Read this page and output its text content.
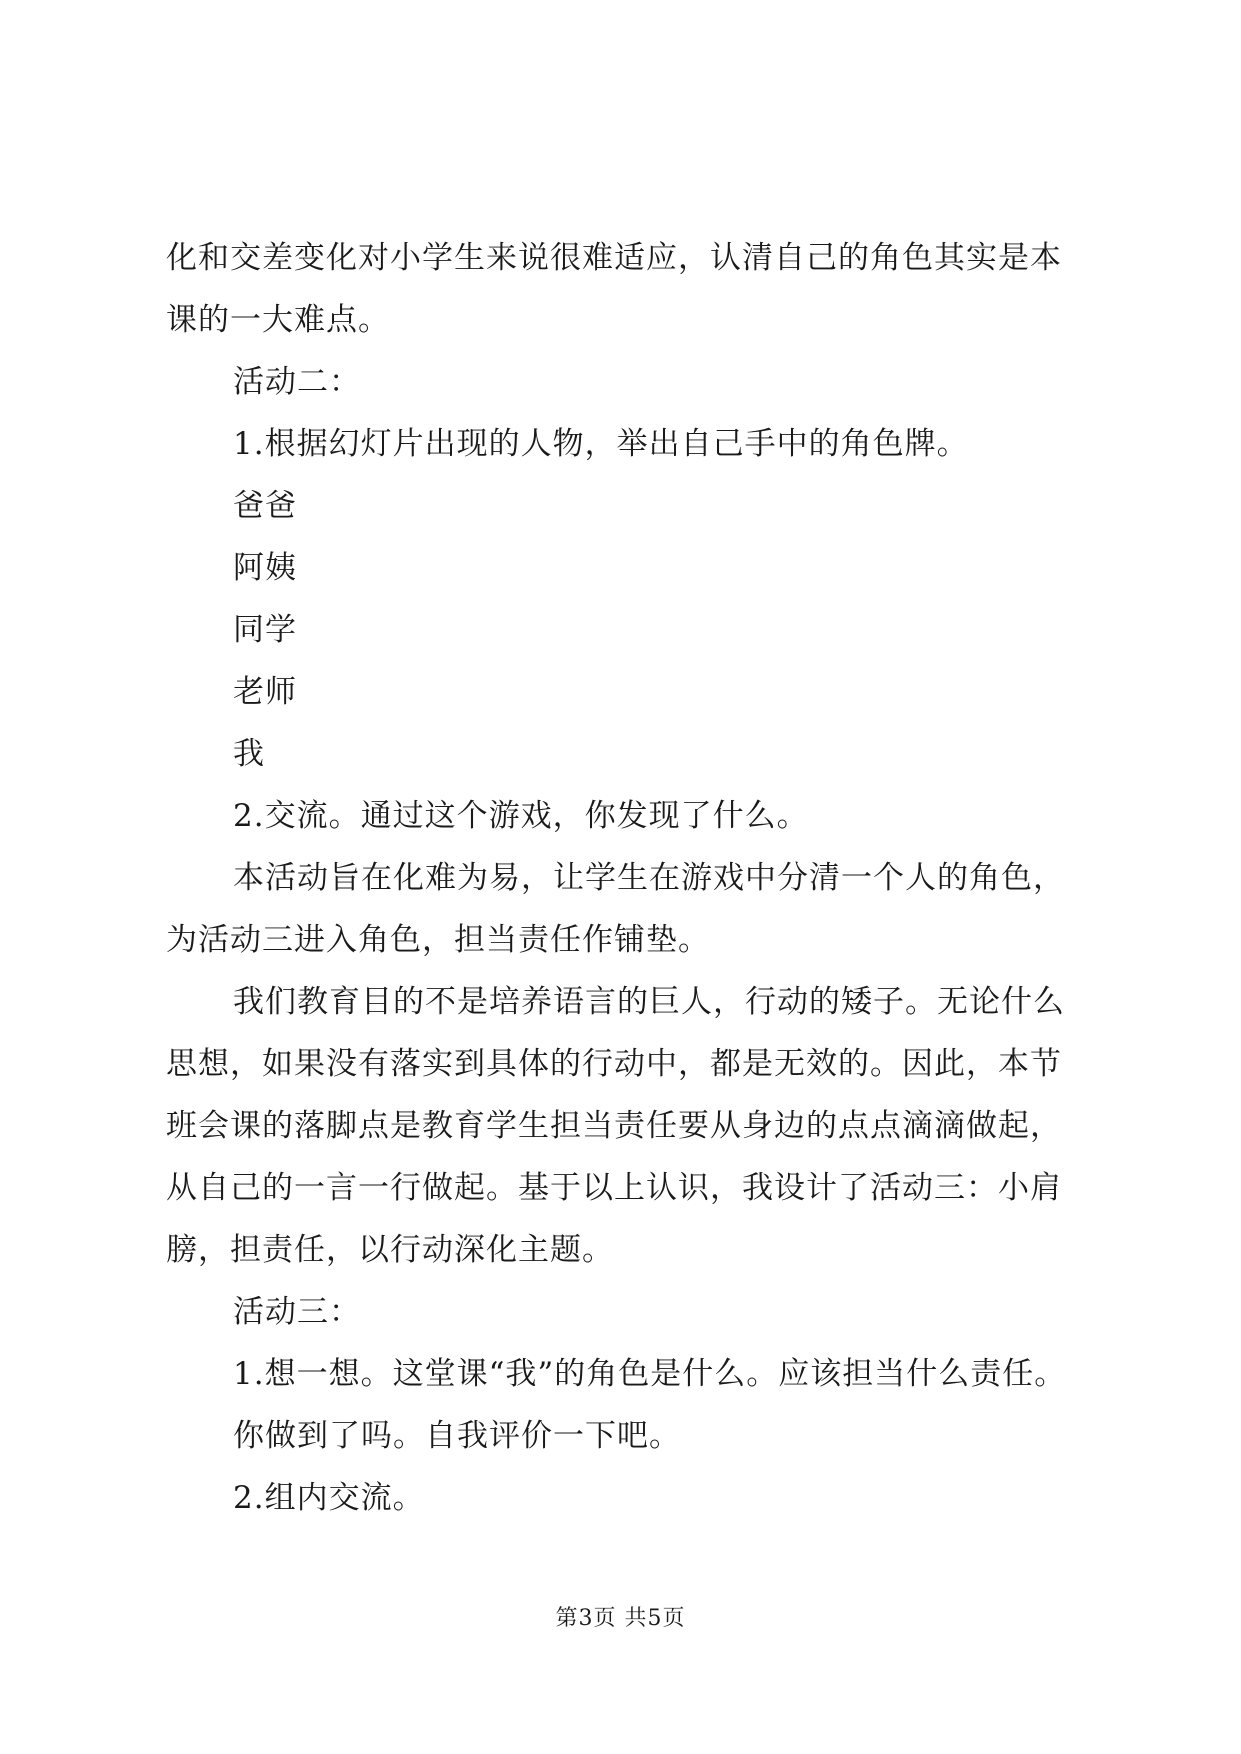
化和交差变化对小学生来说很难适应，认清自己的角色其实是本
课的一大难点。
活动二：
1.根据幻灯片出现的人物，举出自己手中的角色牌。
爸爸
阿姨
同学
老师
我
2.交流。通过这个游戏，你发现了什么。
本活动旨在化难为易，让学生在游戏中分清一个人的角色，
为活动三进入角色，担当责任作铺垫。
我们教育目的不是培养语言的巨人，行动的矮子。无论什么
思想，如果没有落实到具体的行动中，都是无效的。因此，本节
班会课的落脚点是教育学生担当责任要从身边的点点滴滴做起，
从自己的一言一行做起。基于以上认识，我设计了活动三：小肩
膀，担责任，以行动深化主题。
活动三：
1.想一想。这堂课“我”的角色是什么。应该担当什么责任。
你做到了吗。自我评价一下吧。
2.组内交流。
第3页 共5页
